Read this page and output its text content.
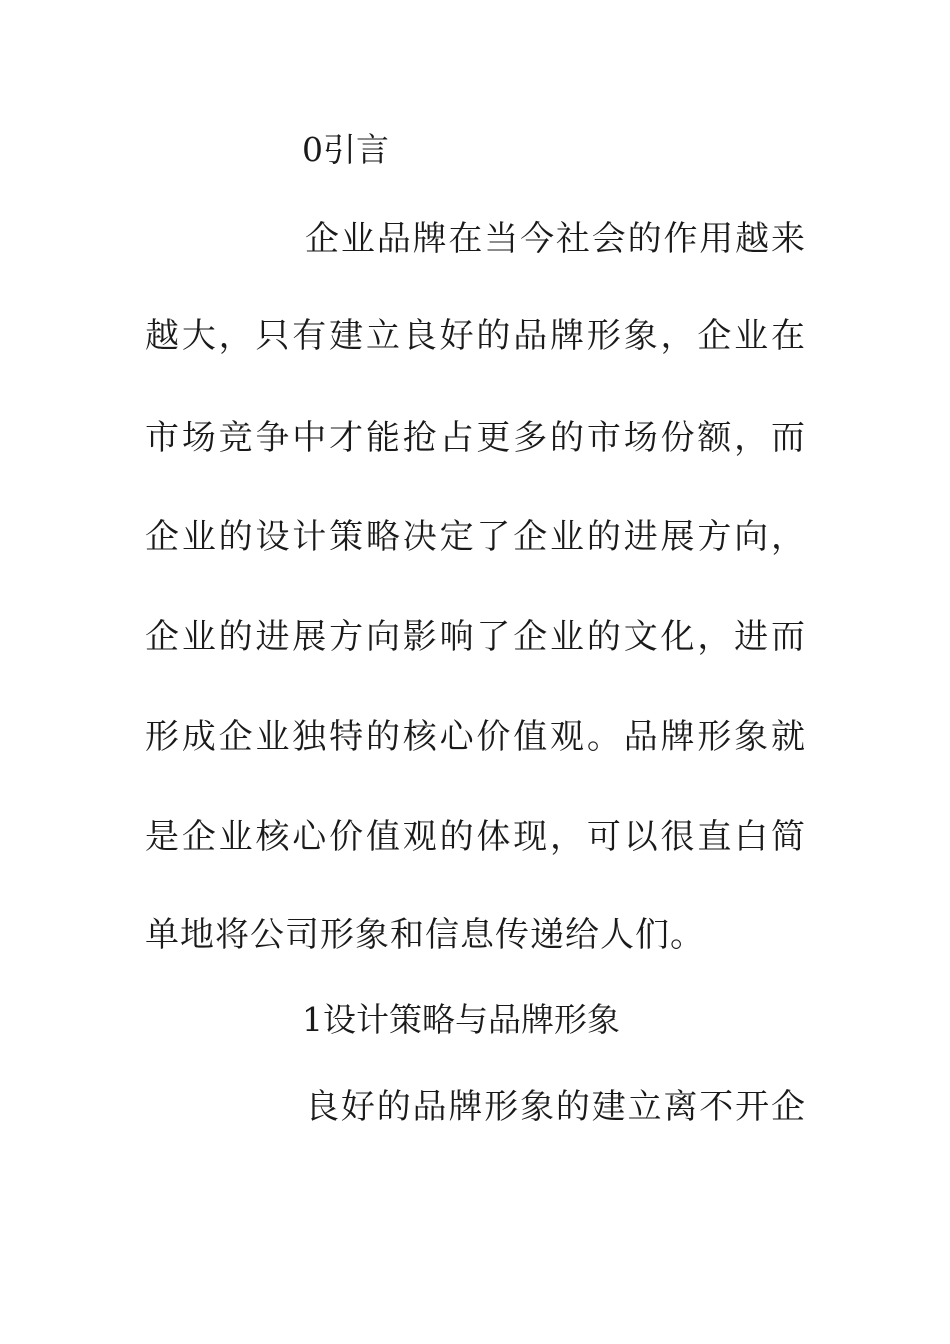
0引言
企业品牌在当今社会的作用越来
越大，只有建立良好的品牌形象，企业在
市场竞争中才能抢占更多的市场份额，而
企业的设计策略决定了企业的进展方向，
企业的进展方向影响了企业的文化，进而
形成企业独特的核心价值观。品牌形象就
是企业核心价值观的体现，可以很直白简
单地将公司形象和信息传递给人们。
1设计策略与品牌形象
良好的品牌形象的建立离不开企
